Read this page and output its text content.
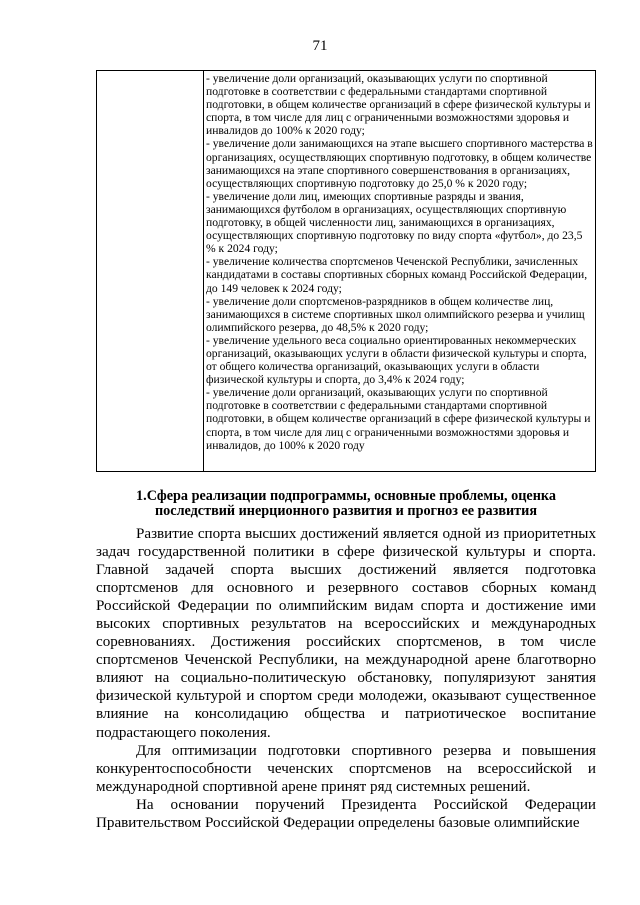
71

- увеличение доли организаций, оказывающих услуги по спортивной подготовке в соответствии с федеральными стандартами спортивной подготовки, в общем количестве организаций в сфере физической культуры и спорта, в том числе для лиц с ограниченными возможностями здоровья и инвалидов до 100% к 2020 году;

- увеличение доли занимающихся на этапе высшего спортивного мастерства в организациях, осуществляющих спортивную подготовку, в общем количестве занимающихся на этапе спортивного совершенствования в организациях, осуществляющих спортивную подготовку до 25,0 % к 2020 году;

- увеличение доли лиц, имеющих спортивные разряды и звания, занимающихся футболом в организациях, осуществляющих спортивную подготовку, в общей численности лиц, занимающихся в организациях, осуществляющих спортивную подготовку по виду спорта «футбол», до 23,5 % к 2024 году;

- увеличение количества спортсменов Чеченской Республики, зачисленных кандидатами в составы спортивных сборных команд Российской Федерации, до 149 человек к 2024 году;

- увеличение доли спортсменов-разрядников в общем количестве лиц, занимающихся в системе спортивных школ олимпийского резерва и училищ олимпийского резерва, до 48,5% к 2020 году;

- увеличение удельного веса социально ориентированных некоммерческих организаций, оказывающих услуги в области физической культуры и спорта, от общего количества организаций, оказывающих услуги в области физической культуры и спорта, до 3,4% к 2024 году;

- увеличение доли организаций, оказывающих услуги по спортивной подготовке в соответствии с федеральными стандартами спортивной подготовки, в общем количестве организаций в сфере физической культуры и спорта, в том числе для лиц с ограниченными возможностями здоровья и инвалидов, до 100% к 2020 году

1.Сфера реализации подпрограммы, основные проблемы, оценка последствий инерционного развития и прогноз ее развития

Развитие спорта высших достижений является одной из приоритетных задач государственной политики в сфере физической культуры и спорта. Главной задачей спорта высших достижений является подготовка спортсменов для основного и резервного составов сборных команд Российской Федерации по олимпийским видам спорта и достижение ими высоких спортивных результатов на всероссийских и международных соревнованиях. Достижения российских спортсменов, в том числе спортсменов Чеченской Республики, на международной арене благотворно влияют на социально-политическую обстановку, популяризуют занятия физической культурой и спортом среди молодежи, оказывают существенное влияние на консолидацию общества и патриотическое воспитание подрастающего поколения.

Для оптимизации подготовки спортивного резерва и повышения конкурентоспособности чеченских спортсменов на всероссийской и международной спортивной арене принят ряд системных решений.

На основании поручений Президента Российской Федерации Правительством Российской Федерации определены базовые олимпийские
